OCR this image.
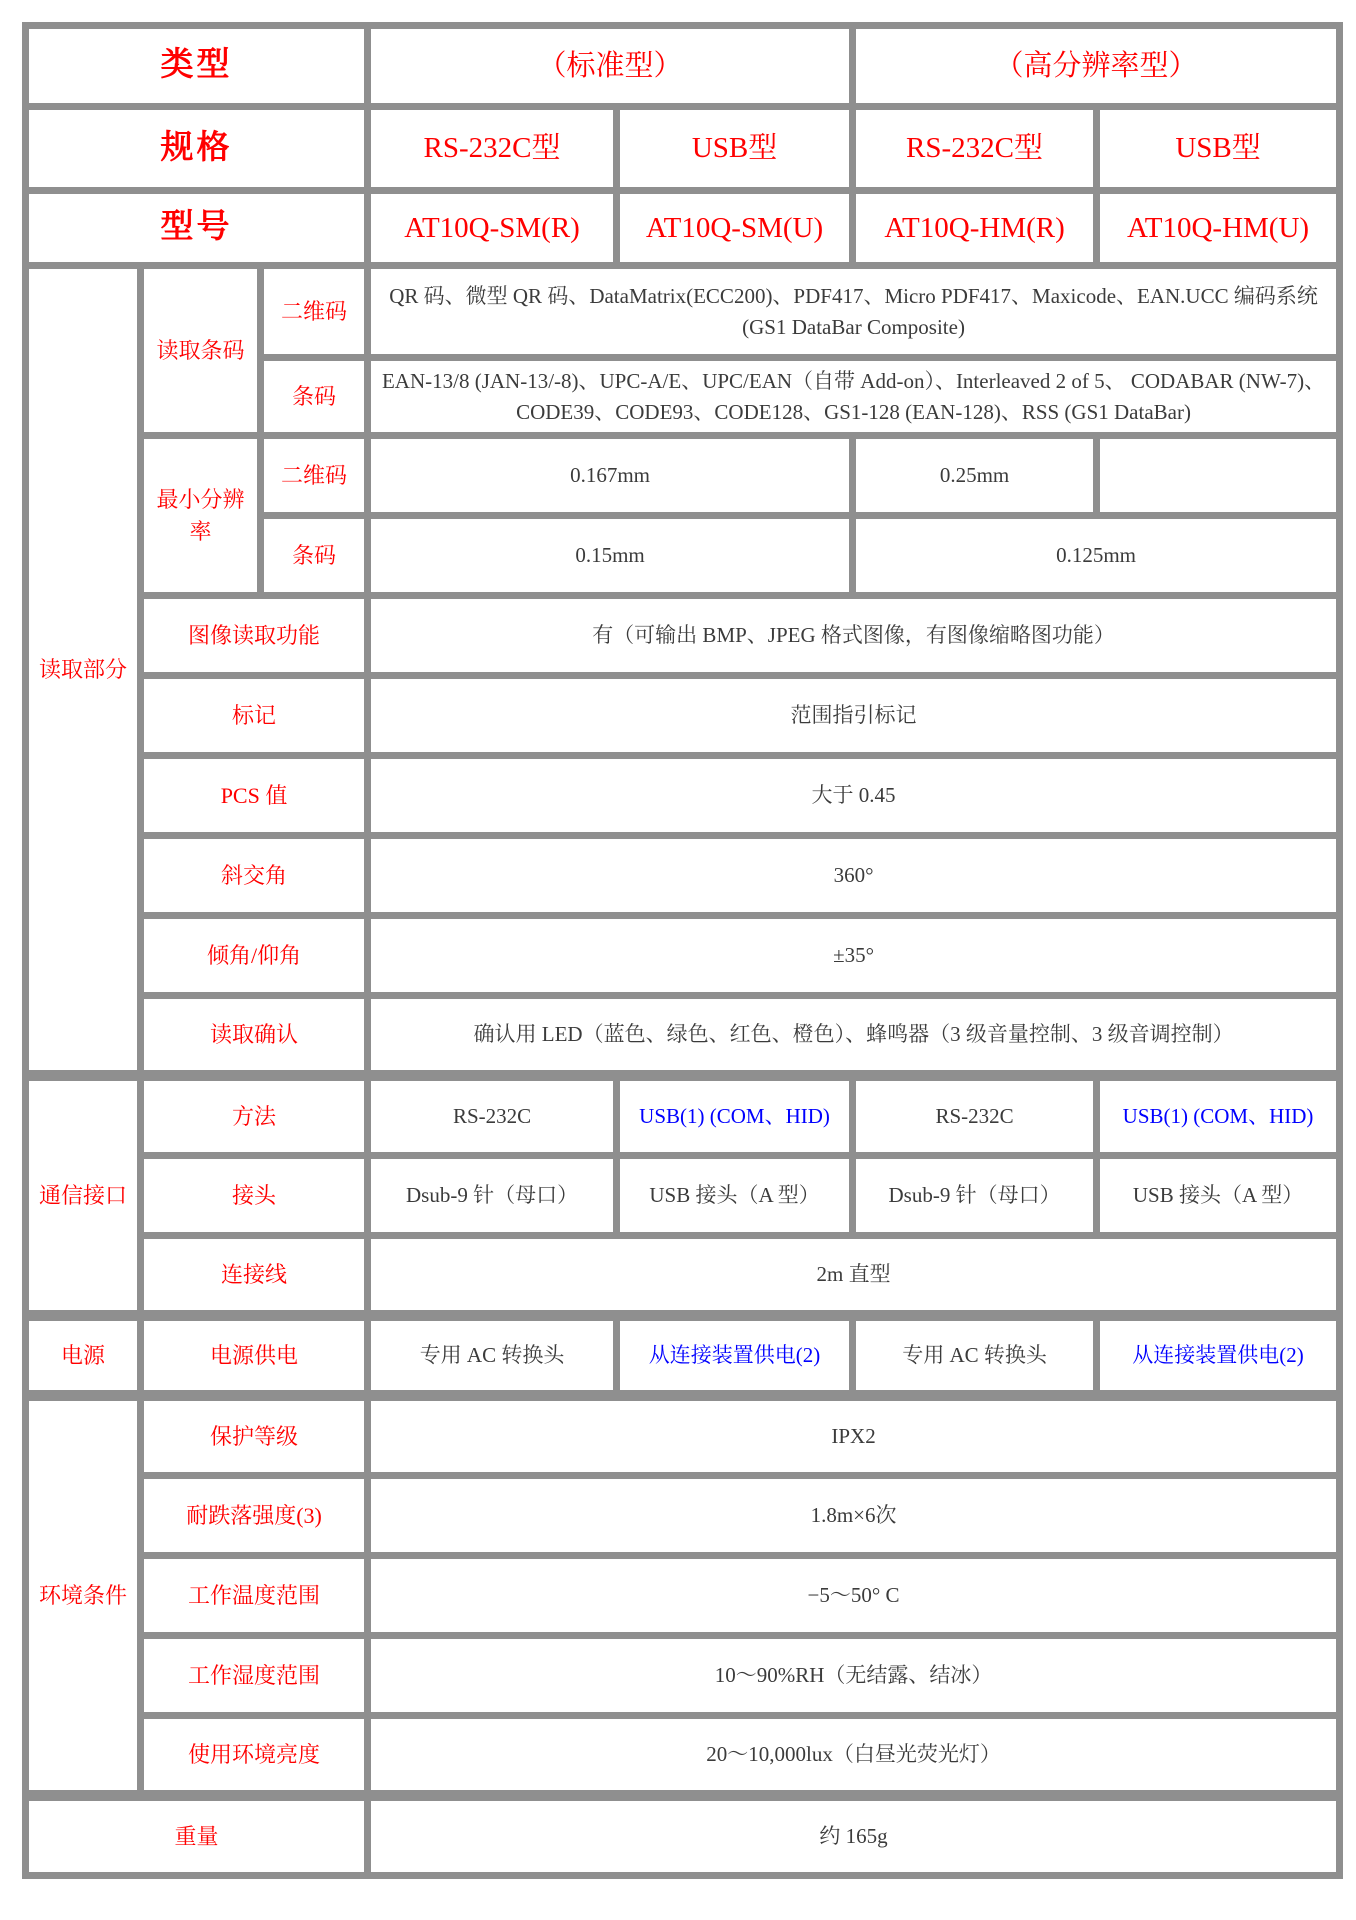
类型			（标准型）		（高分辨率型）	
规格			RS-232C型	USB型	RS-232C型	USB型
型号			AT10Q-SM(R)	AT10Q-SM(U)	AT10Q-HM(R)	AT10Q-HM(U)
读取部分	读取条码	二维码	QR 码、微型 QR 码、DataMatrix(ECC200)、PDF417、Micro PDF417、Maxicode、EAN.UCC 编码系统 (GS1 DataBar Composite)			
		条码	EAN-13/8 (JAN-13/-8)、UPC-A/E、UPC/EAN（自带 Add-on）、Interleaved 2 of 5、 CODABAR (NW-7)、CODE39、CODE93、CODE128、GS1-128 (EAN-128)、RSS (GS1 DataBar)			
	最小分辨率	二维码	0.167mm		0.25mm	
		条码	0.15mm		0.125mm	
	图像读取功能		有（可输出 BMP、JPEG 格式图像，有图像缩略图功能）			
	标记		范围指引标记			
	PCS 值		大于 0.45			
	斜交角		360°			
	倾角/仰角		±35°			
	读取确认		确认用 LED（蓝色、绿色、红色、橙色）、蜂鸣器（3 级音量控制、3 级音调控制）			
通信接口	方法		RS-232C	USB(1) (COM、HID)	RS-232C	USB(1) (COM、HID)
	接头		Dsub-9 针（母口）	USB 接头（A 型）	Dsub-9 针（母口）	USB 接头（A 型）
	连接线		2m 直型			
电源	电源供电		专用 AC 转换头	从连接装置供电(2)	专用 AC 转换头	从连接装置供电(2)
环境条件	保护等级		IPX2			
	耐跌落强度(3)		1.8m×6次			
	工作温度范围		−5～50° C			
	工作湿度范围		10～90%RH（无结露、结冰）			
	使用环境亮度		20～10,000lux（白昼光荧光灯）			
重量			约 165g			
